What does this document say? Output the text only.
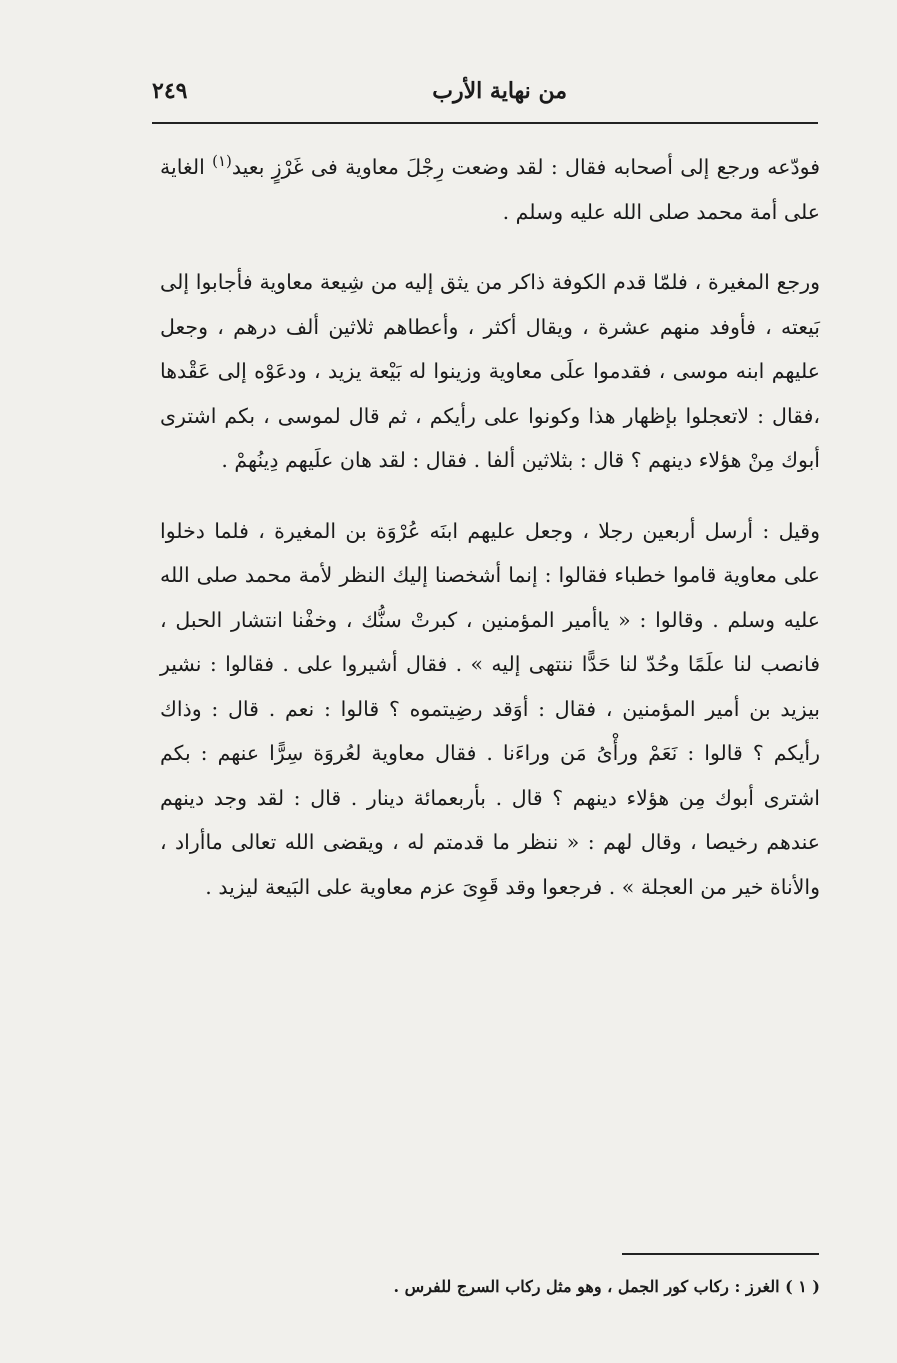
من نهاية الأرب
٢٤٩

فودّعه ورجع إلى أصحابه فقال : لقد وضعت رِجْلَ معاوية فى غَرْزٍ بعيد$^{(١)}$ الغاية على أمة محمد صلى الله عليه وسلم .

ورجع المغيرة ، فلمّا قدم الكوفة ذاكر من يثق إليه من شِيعة معاوية فأجابوا إلى بَيعته ، فأوفد منهم عشرة ، ويقال أكثر ، وأعطاهم ثلاثين ألف درهم ، وجعل عليهم ابنه موسى ، فقدموا علَى معاوية وزينوا له بَيْعة يزيد ، ودعَوْه إلى عَقْدها ،فقال : لاتعجلوا بإظهار هذا وكونوا على رأيكم ، ثم قال لموسى ، بكم اشترى أبوك مِنْ هؤلاء دينهم ؟ قال : بثلاثين ألفا . فقال : لقد هان علَيهم دِينُهمْ .

وقيل : أرسل أربعين رجلا ، وجعل عليهم ابنَه عُرْوَة بن المغيرة ، فلما دخلوا على معاوية قاموا خطباء فقالوا : إنما أشخصنا إليك النظر لأمة محمد صلى الله عليه وسلم . وقالوا : « ياأمير المؤمنين ، كبرتْ سنُّك ، وخفْنا انتشار الحبل ، فانصب لنا علَمًا وحُدّ لنا حَدًّا ننتهى إليه » . فقال أشيروا على . فقالوا : نشير بيزيد بن أمير المؤمنين ، فقال : أوَقد رضِيتموه ؟ قالوا : نعم . قال : وذاك رأيكم ؟ قالوا : نَعَمْ ورأْىُ مَن وراءَنا . فقال معاوية لعُروَة سِرًّا عنهم : بكم اشترى أبوك مِن هؤلاء دينهم ؟ قال . بأربعمائة دينار . قال : لقد وجد دينهم عندهم رخيصا ، وقال لهم : « ننظر ما قدمتم له ، ويقضى الله تعالى ماأراد ، والأناة خير من العجلة » . فرجعوا وقد قَوِىَ عزم معاوية على البَيعة ليزيد .

( ١ ) الغرز : ركاب كور الجمل ، وهو مثل ركاب السرج للفرس .
